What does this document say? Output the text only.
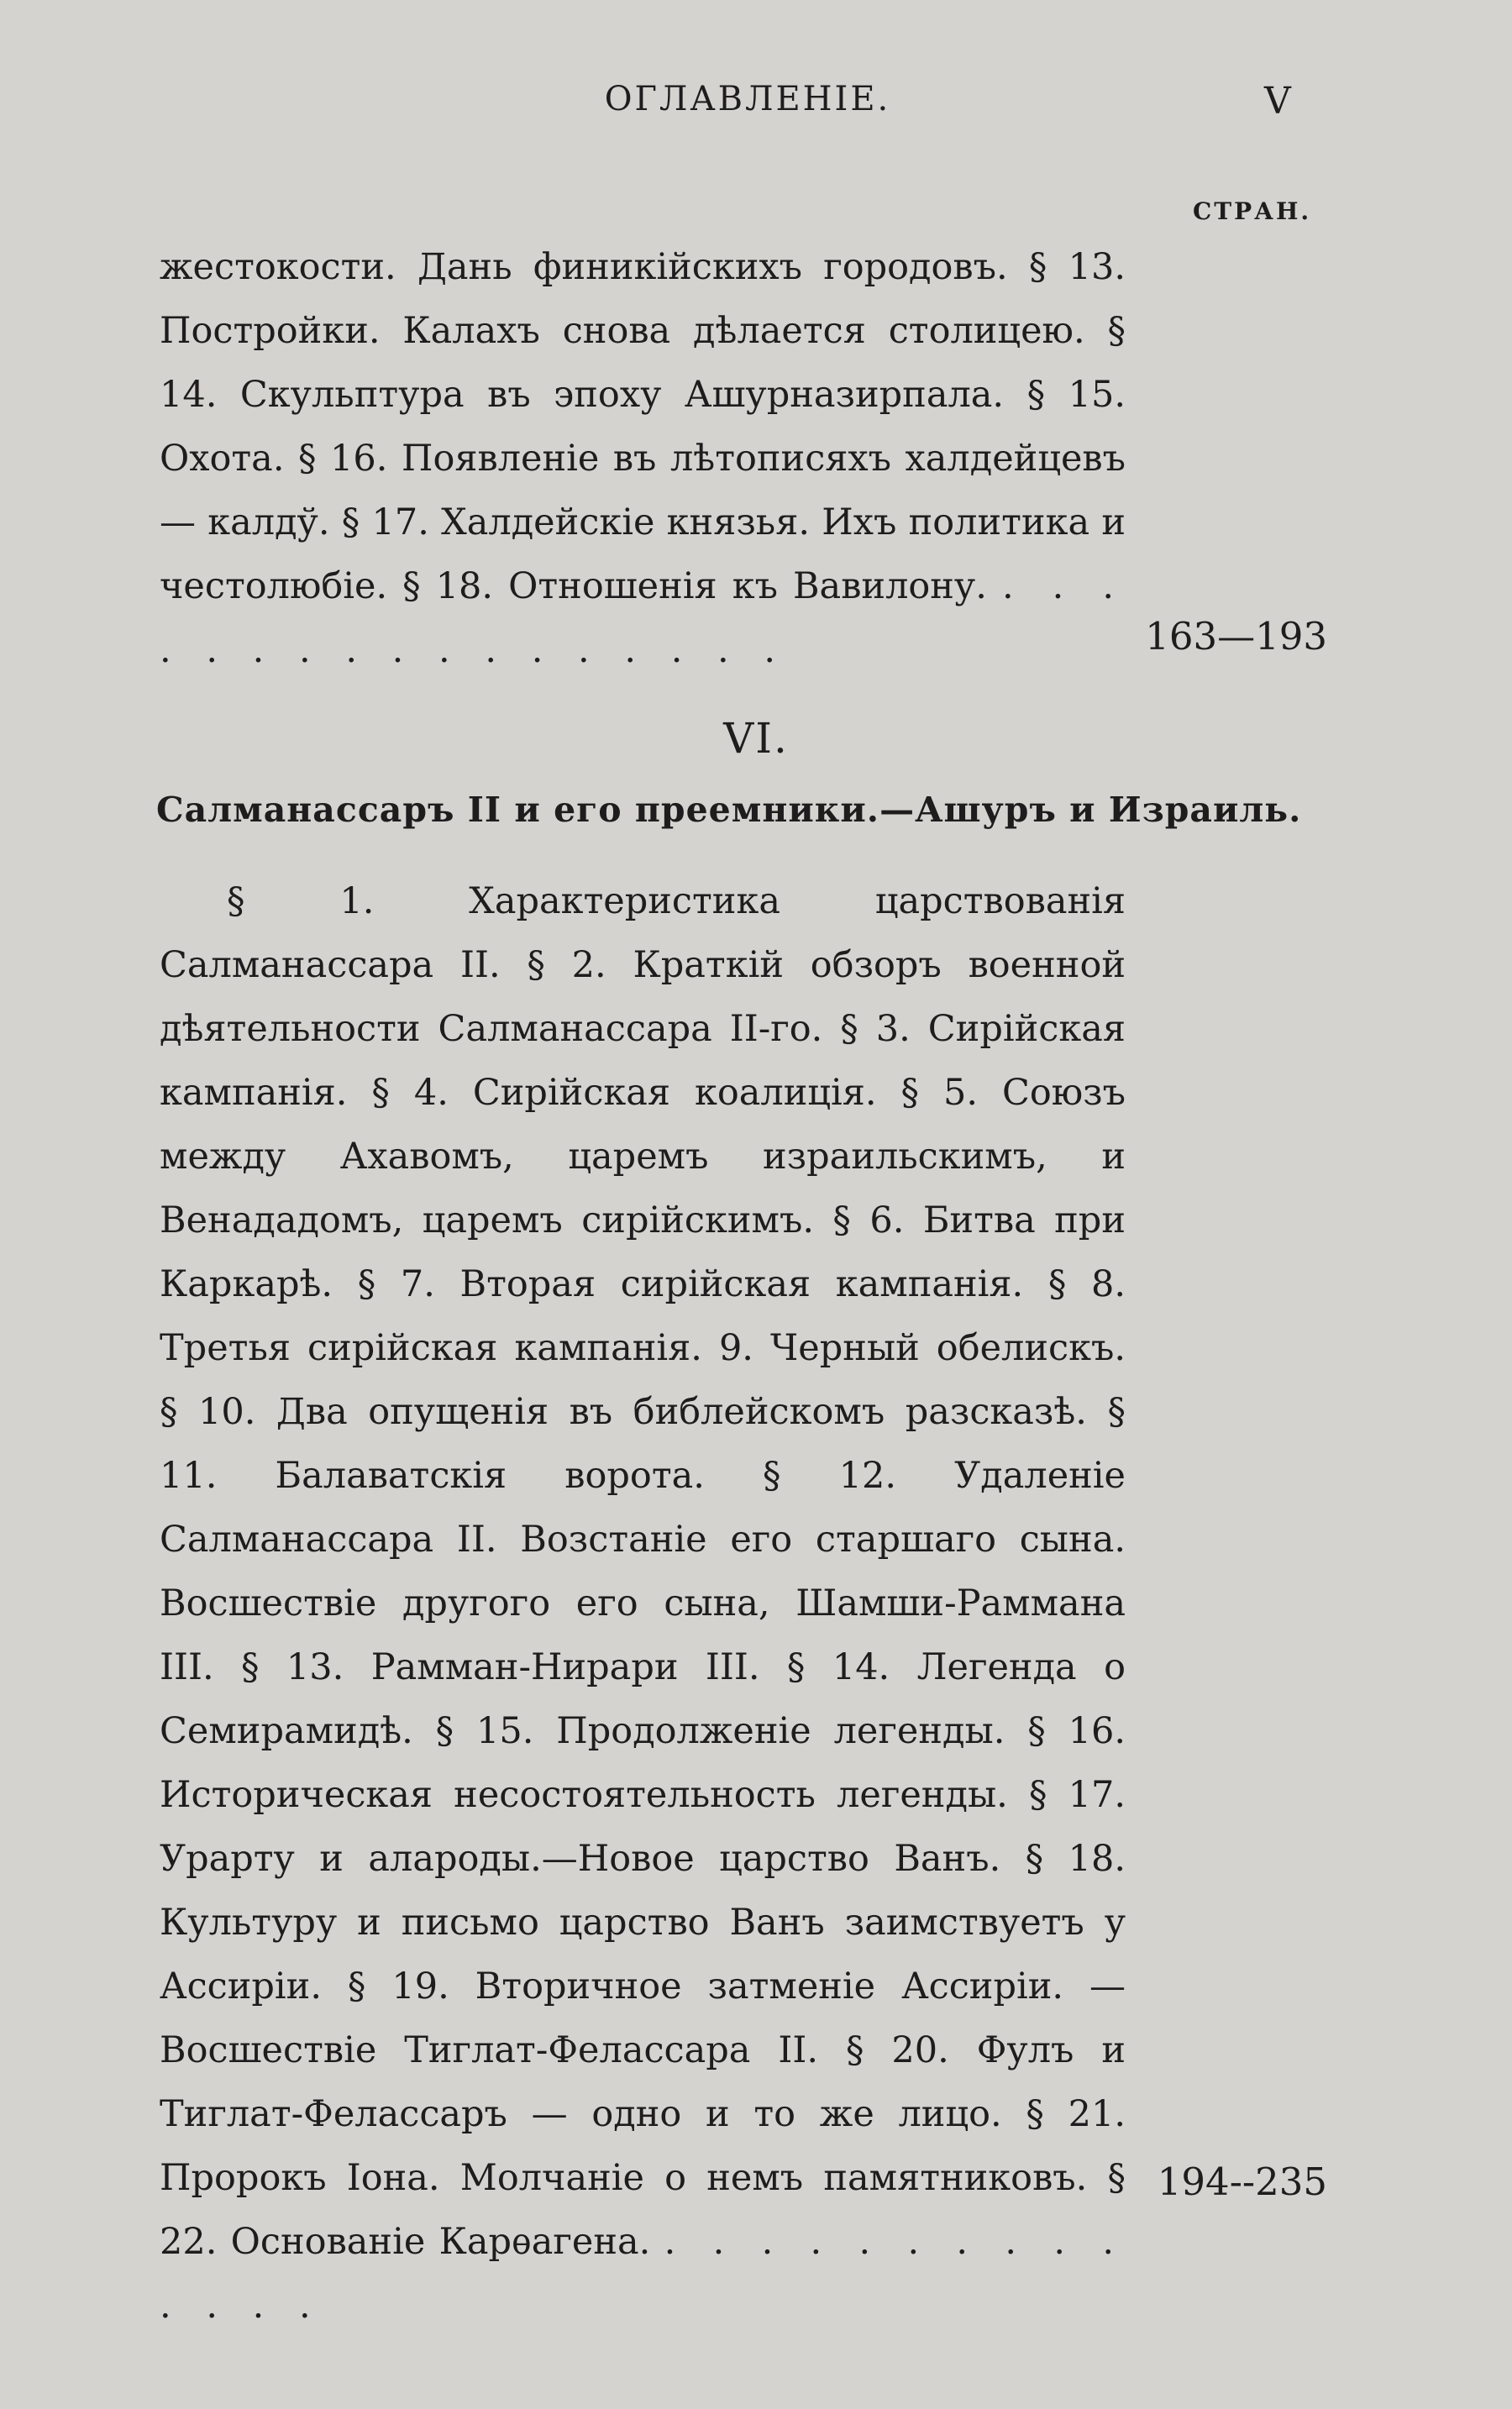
ОГЛАВЛЕНІЕ.	V
СТРАН.

жестокости. Дань финикійскихъ городовъ. § 13. Постройки. Калахъ снова дѣлается столицею. § 14. Скульптура въ эпоху Ашурназирпала. § 15. Охота. § 16. Появленіе въ лѣтописяхъ халдейцевъ — калдў. § 17. Халдейскіе князья. Ихъ политика и честолюбіе. § 18. Отношенія къ Вавилону. . . . . . . . . . . . . . . . . .	163—193
VI.
Салманассаръ II и его преемники.—Ашуръ и Израиль.

§ 1. Характеристика царствованія Салманассара II. § 2. Краткій обзоръ военной дѣятельности Салманассара II-го. § 3. Сирійская кампанія. § 4. Сирійская коалиція. § 5. Союзъ между Ахавомъ, царемъ израильскимъ, и Венададомъ, царемъ сирійскимъ. § 6. Битва при Каркарѣ. § 7. Вторая сирійская кампанія. § 8. Третья сирійская кампанія. 9. Черный обелискъ. § 10. Два опущенія въ библейскомъ разсказѣ. § 11. Балаватскія ворота. § 12. Удаленіе Салманассара II. Возстаніе его старшаго сына. Восшествіе другого его сына, Шамши-Раммана III. § 13. Рамман-Нирари III. § 14. Легенда о Семирамидѣ. § 15. Продолженіе легенды. § 16. Историческая несостоятельность легенды. § 17. Урарту и алароды.—Новое царство Ванъ. § 18. Культуру и письмо царство Ванъ заимствуетъ у Ассиріи. § 19. Вторичное затменіе Ассиріи. — Восшествіе Тиглат-Фелассара II. § 20. Фулъ и Тиглат-Фелассаръ — одно и то же лицо. § 21. Пророкъ Іона. Молчаніе о немъ памятниковъ. § 22. Основаніе Карѳагена. . . . . . . . . . . . . . .

194--235
